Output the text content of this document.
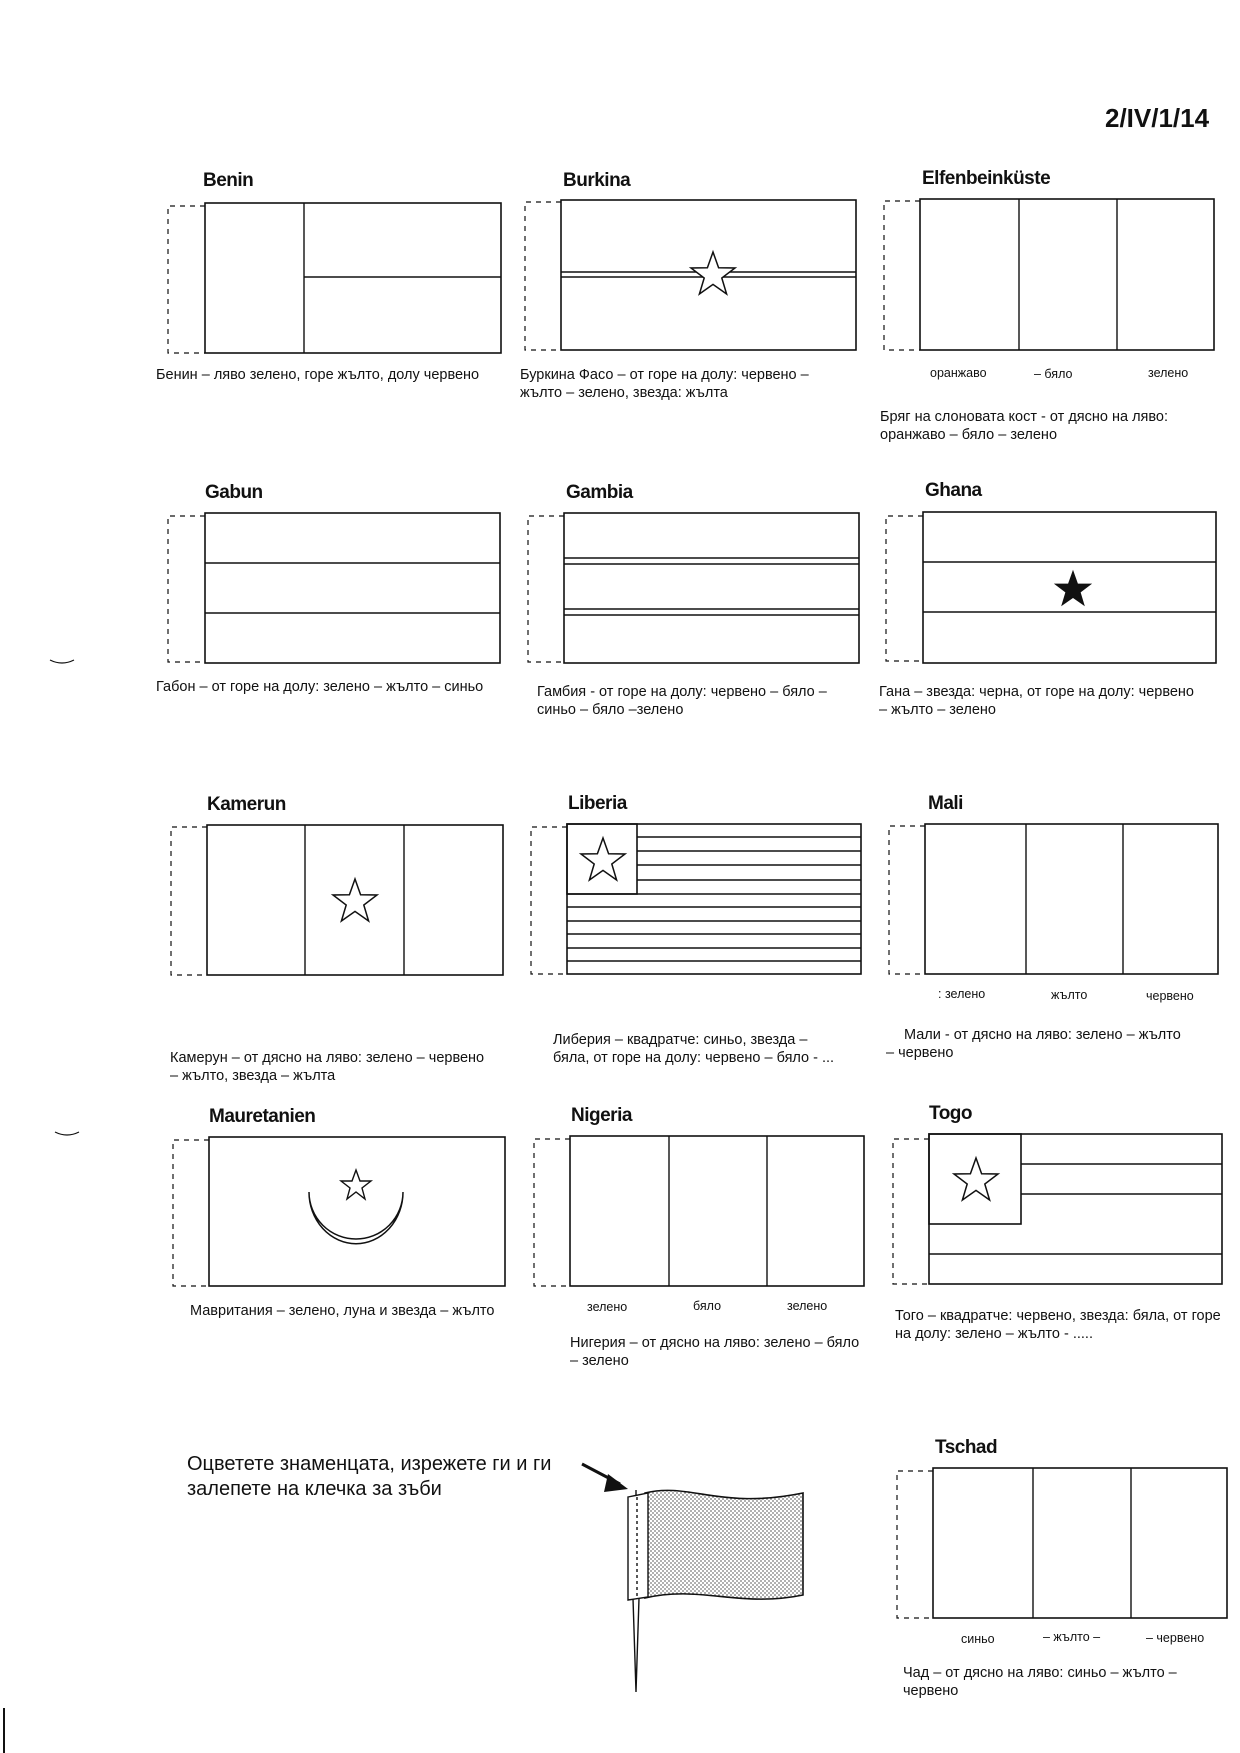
2/IV/1/14
Benin	Burkina	Elfenbeinküste
Бенин – ляво зелено, горе жълто, долу червено	Буркина Фасо – от горе на долу: червено –
жълто – зелено, звезда: жълта
оранжаво	– бяло	зелено
Бряг на слоновата кост - от дясно на ляво:
оранжаво – бяло – зелено
Gabun	Gambia	Ghana
Габон – от горе на долу: зелено – жълто – синьо	Гамбия - от горе на долу: червено – бяло –
синьо – бяло –зелено
Гана – звезда: черна, от горе на долу: червено
– жълто – зелено
Kamerun	Liberia	Mali
: зелено	жълто	червено
Камерун – от дясно на ляво: зелено – червено
– жълто, звезда – жълта
Либерия – квадратче: синьо, звезда –
бяла, от горе на долу: червено – бяло - ...
Мали - от дясно на ляво: зелено – жълто
– червено
Mauretanien	Nigeria	Togo
Мавритания – зелено, луна и звезда – жълто	зелено	бяло	зелено
Нигерия – от дясно на ляво: зелено – бяло
– зелено
Того – квадратче: червено, звезда: бяла, от горе
на долу: зелено – жълто - .....
Оцветете знаменцата, изрежете ги и ги
залепете на клечка за зъби
Tschad
синьо	– жълто –	– червено
Чад – от дясно на ляво: синьо – жълто –
червено
